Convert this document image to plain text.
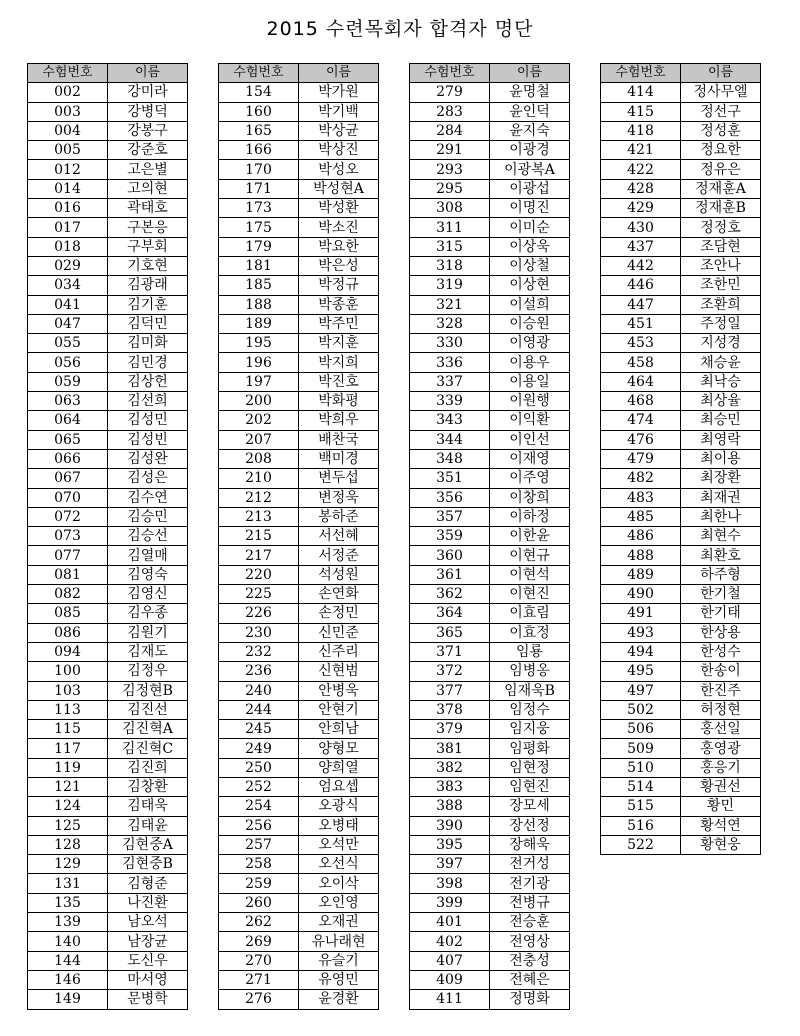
2015 수련목회자 합격자 명단
수험번호	이름
002	강미라
003	강병덕
004	강봉구
005	강준호
012	고은별
014	고의현
016	곽태호
017	구본응
018	구부회
029	기호현
034	김광래
041	김기훈
047	김덕민
055	김미화
056	김민경
059	김상헌
063	김선희
064	김성민
065	김성빈
066	김성완
067	김성은
070	김수연
072	김승민
073	김승선
077	김열매
081	김영숙
082	김영신
085	김우종
086	김원기
094	김재도
100	김정우
103	김정현B
113	김진선
115	김진혁A
117	김진혁C
119	김진희
121	김창환
124	김태욱
125	김태윤
128	김현중A
129	김현중B
131	김형준
135	나진환
139	남오석
140	남장균
144	도신우
146	마서영
149	문병학
수험번호	이름
154	박가원
160	박기백
165	박상균
166	박상진
170	박성오
171	박성현A
173	박성환
175	박소진
179	박요한
181	박은성
185	박정규
188	박종훈
189	박주민
195	박지훈
196	박지희
197	박진호
200	박화평
202	박희우
207	배찬국
208	백미경
210	변두섭
212	변정욱
213	봉하준
215	서선혜
217	서정준
220	석성원
225	손연화
226	손정민
230	신민준
232	신주리
236	신현범
240	안병욱
244	안현기
245	안희남
249	양형모
250	양희열
252	엄요셉
254	오광식
256	오병태
257	오석만
258	오선식
259	오이삭
260	오인영
262	오재권
269	유나래현
270	유슬기
271	유영민
276	윤경환
수험번호	이름
279	윤명철
283	윤인덕
284	윤지숙
291	이광경
293	이광복A
295	이광섭
308	이명진
311	이미순
315	이상욱
318	이상철
319	이상현
321	이설희
328	이승원
330	이영광
336	이용우
337	이용일
339	이원행
343	이익환
344	이인선
348	이재영
351	이주영
356	이창희
357	이하정
359	이한윤
360	이현규
361	이현석
362	이현진
364	이효림
365	이효정
371	임룡
372	임병옹
377	임재욱B
378	임정수
379	임지웅
381	임평화
382	임현정
383	임현진
388	장모세
390	장선정
395	장해욱
397	전거성
398	전기광
399	전병규
401	전승훈
402	전영상
407	전충성
409	전혜은
411	정명화
수험번호	이름
414	정사무엘
415	정선구
418	정성훈
421	정요한
422	정유은
428	정재훈A
429	정재훈B
430	정정호
437	조담현
442	조안나
446	조한민
447	조환희
451	주정일
453	지성경
458	채승윤
464	최낙승
468	최상율
474	최승민
476	최영락
479	최이용
482	최장환
483	최재권
485	최한나
486	최현수
488	최환호
489	하주형
490	한기철
491	한기태
493	한상용
494	한성수
495	한송이
497	한진주
502	허정현
506	홍선일
509	홍영광
510	홍응기
514	황권선
515	황민
516	황석연
522	황현웅
